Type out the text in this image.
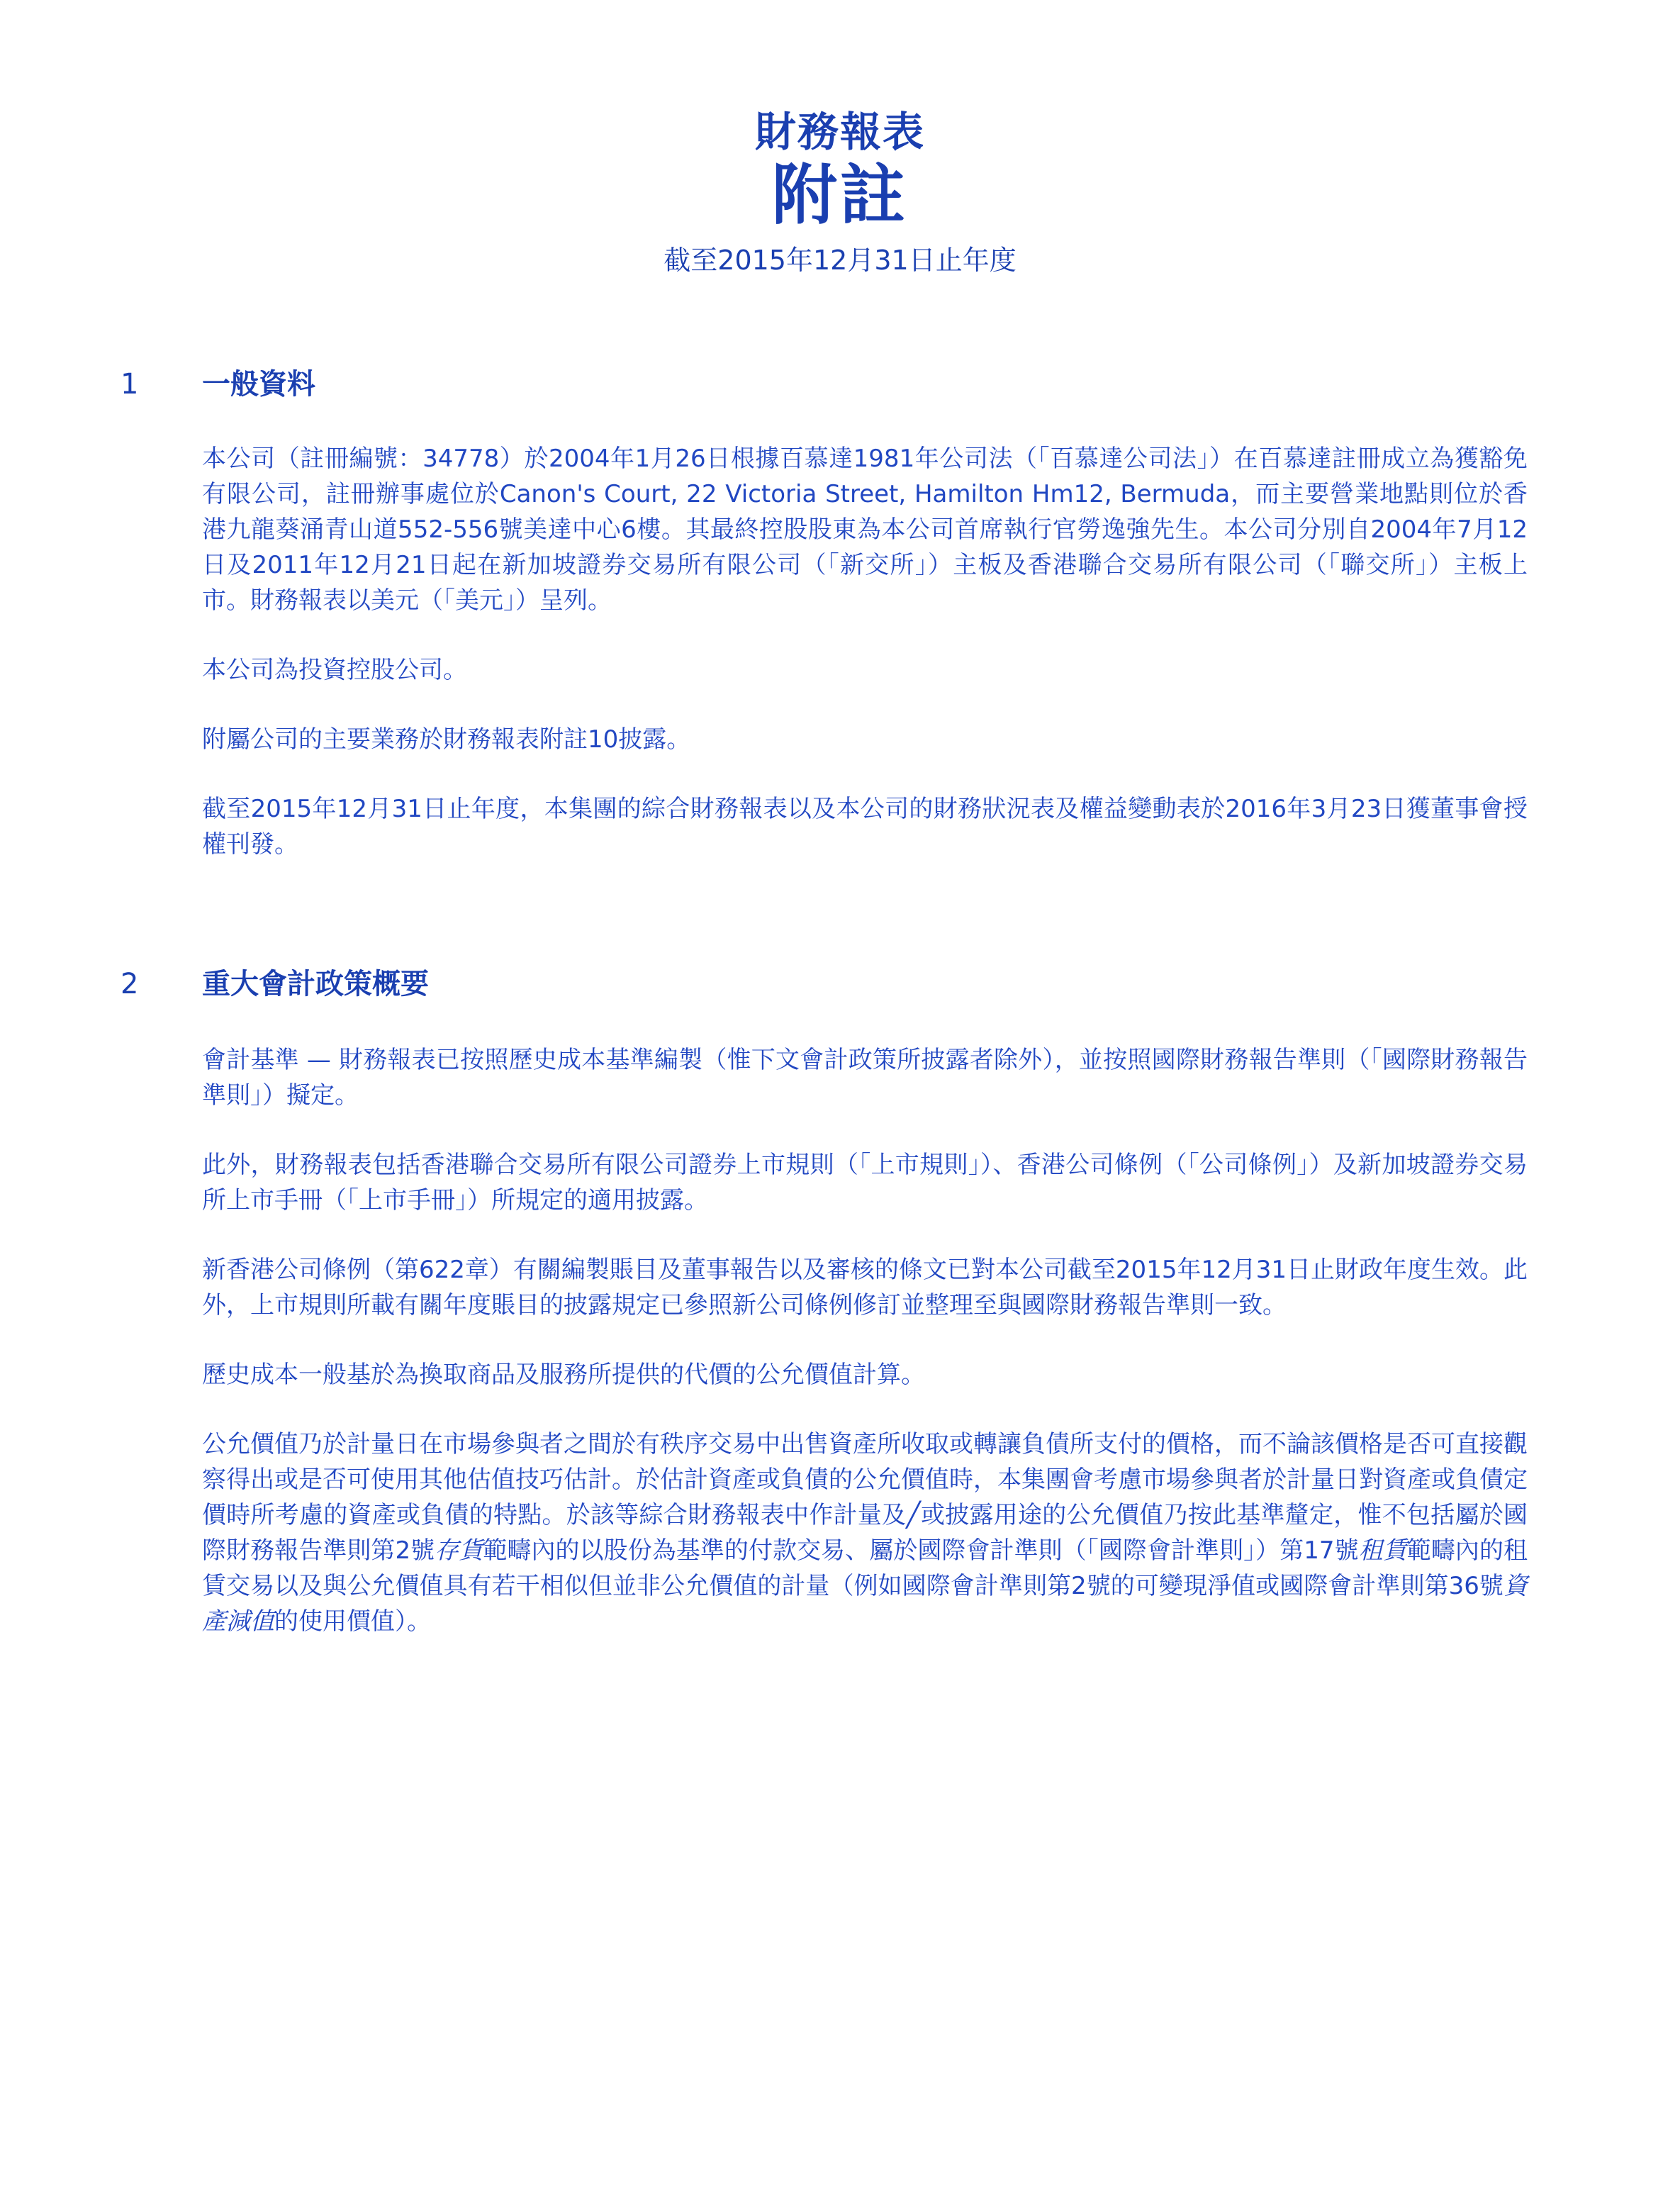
財務報表
附註
截至2015年12月31日止年度
1 一般資料

本公司（註冊編號：34778）於2004年1月26日根據百慕達1981年公司法（「百慕達公司法」）在百慕達註冊成立為獲豁免有限公司，註冊辦事處位於Canon's Court, 22 Victoria Street, Hamilton Hm12, Bermuda，而主要營業地點則位於香港九龍葵涌青山道552-556號美達中心6樓。其最終控股股東為本公司首席執行官勞逸強先生。本公司分別自2004年7月12日及2011年12月21日起在新加坡證券交易所有限公司（「新交所」）主板及香港聯合交易所有限公司（「聯交所」）主板上市。財務報表以美元（「美元」）呈列。

本公司為投資控股公司。

附屬公司的主要業務於財務報表附註10披露。

截至2015年12月31日止年度，本集團的綜合財務報表以及本公司的財務狀況表及權益變動表於2016年3月23日獲董事會授權刊發。

2 重大會計政策概要

會計基準 — 財務報表已按照歷史成本基準編製（惟下文會計政策所披露者除外），並按照國際財務報告準則（「國際財務報告準則」）擬定。

此外，財務報表包括香港聯合交易所有限公司證券上市規則（「上市規則」）、香港公司條例（「公司條例」）及新加坡證券交易所上市手冊（「上市手冊」）所規定的適用披露。

新香港公司條例（第622章）有關編製賬目及董事報告以及審核的條文已對本公司截至2015年12月31日止財政年度生效。此外，上市規則所載有關年度賬目的披露規定已參照新公司條例修訂並整理至與國際財務報告準則一致。

歷史成本一般基於為換取商品及服務所提供的代價的公允價值計算。

公允價值乃於計量日在市場參與者之間於有秩序交易中出售資產所收取或轉讓負債所支付的價格，而不論該價格是否可直接觀察得出或是否可使用其他估值技巧估計。於估計資產或負債的公允價值時，本集團會考慮市場參與者於計量日對資產或負債定價時所考慮的資產或負債的特點。於該等綜合財務報表中作計量及╱或披露用途的公允價值乃按此基準釐定，惟不包括屬於國際財務報告準則第2號存貨範疇內的以股份為基準的付款交易、屬於國際會計準則（「國際會計準則」）第17號租賃範疇內的租賃交易以及與公允價值具有若干相似但並非公允價值的計量（例如國際會計準則第2號的可變現淨值或國際會計準則第36號資產減值的使用價值）。
